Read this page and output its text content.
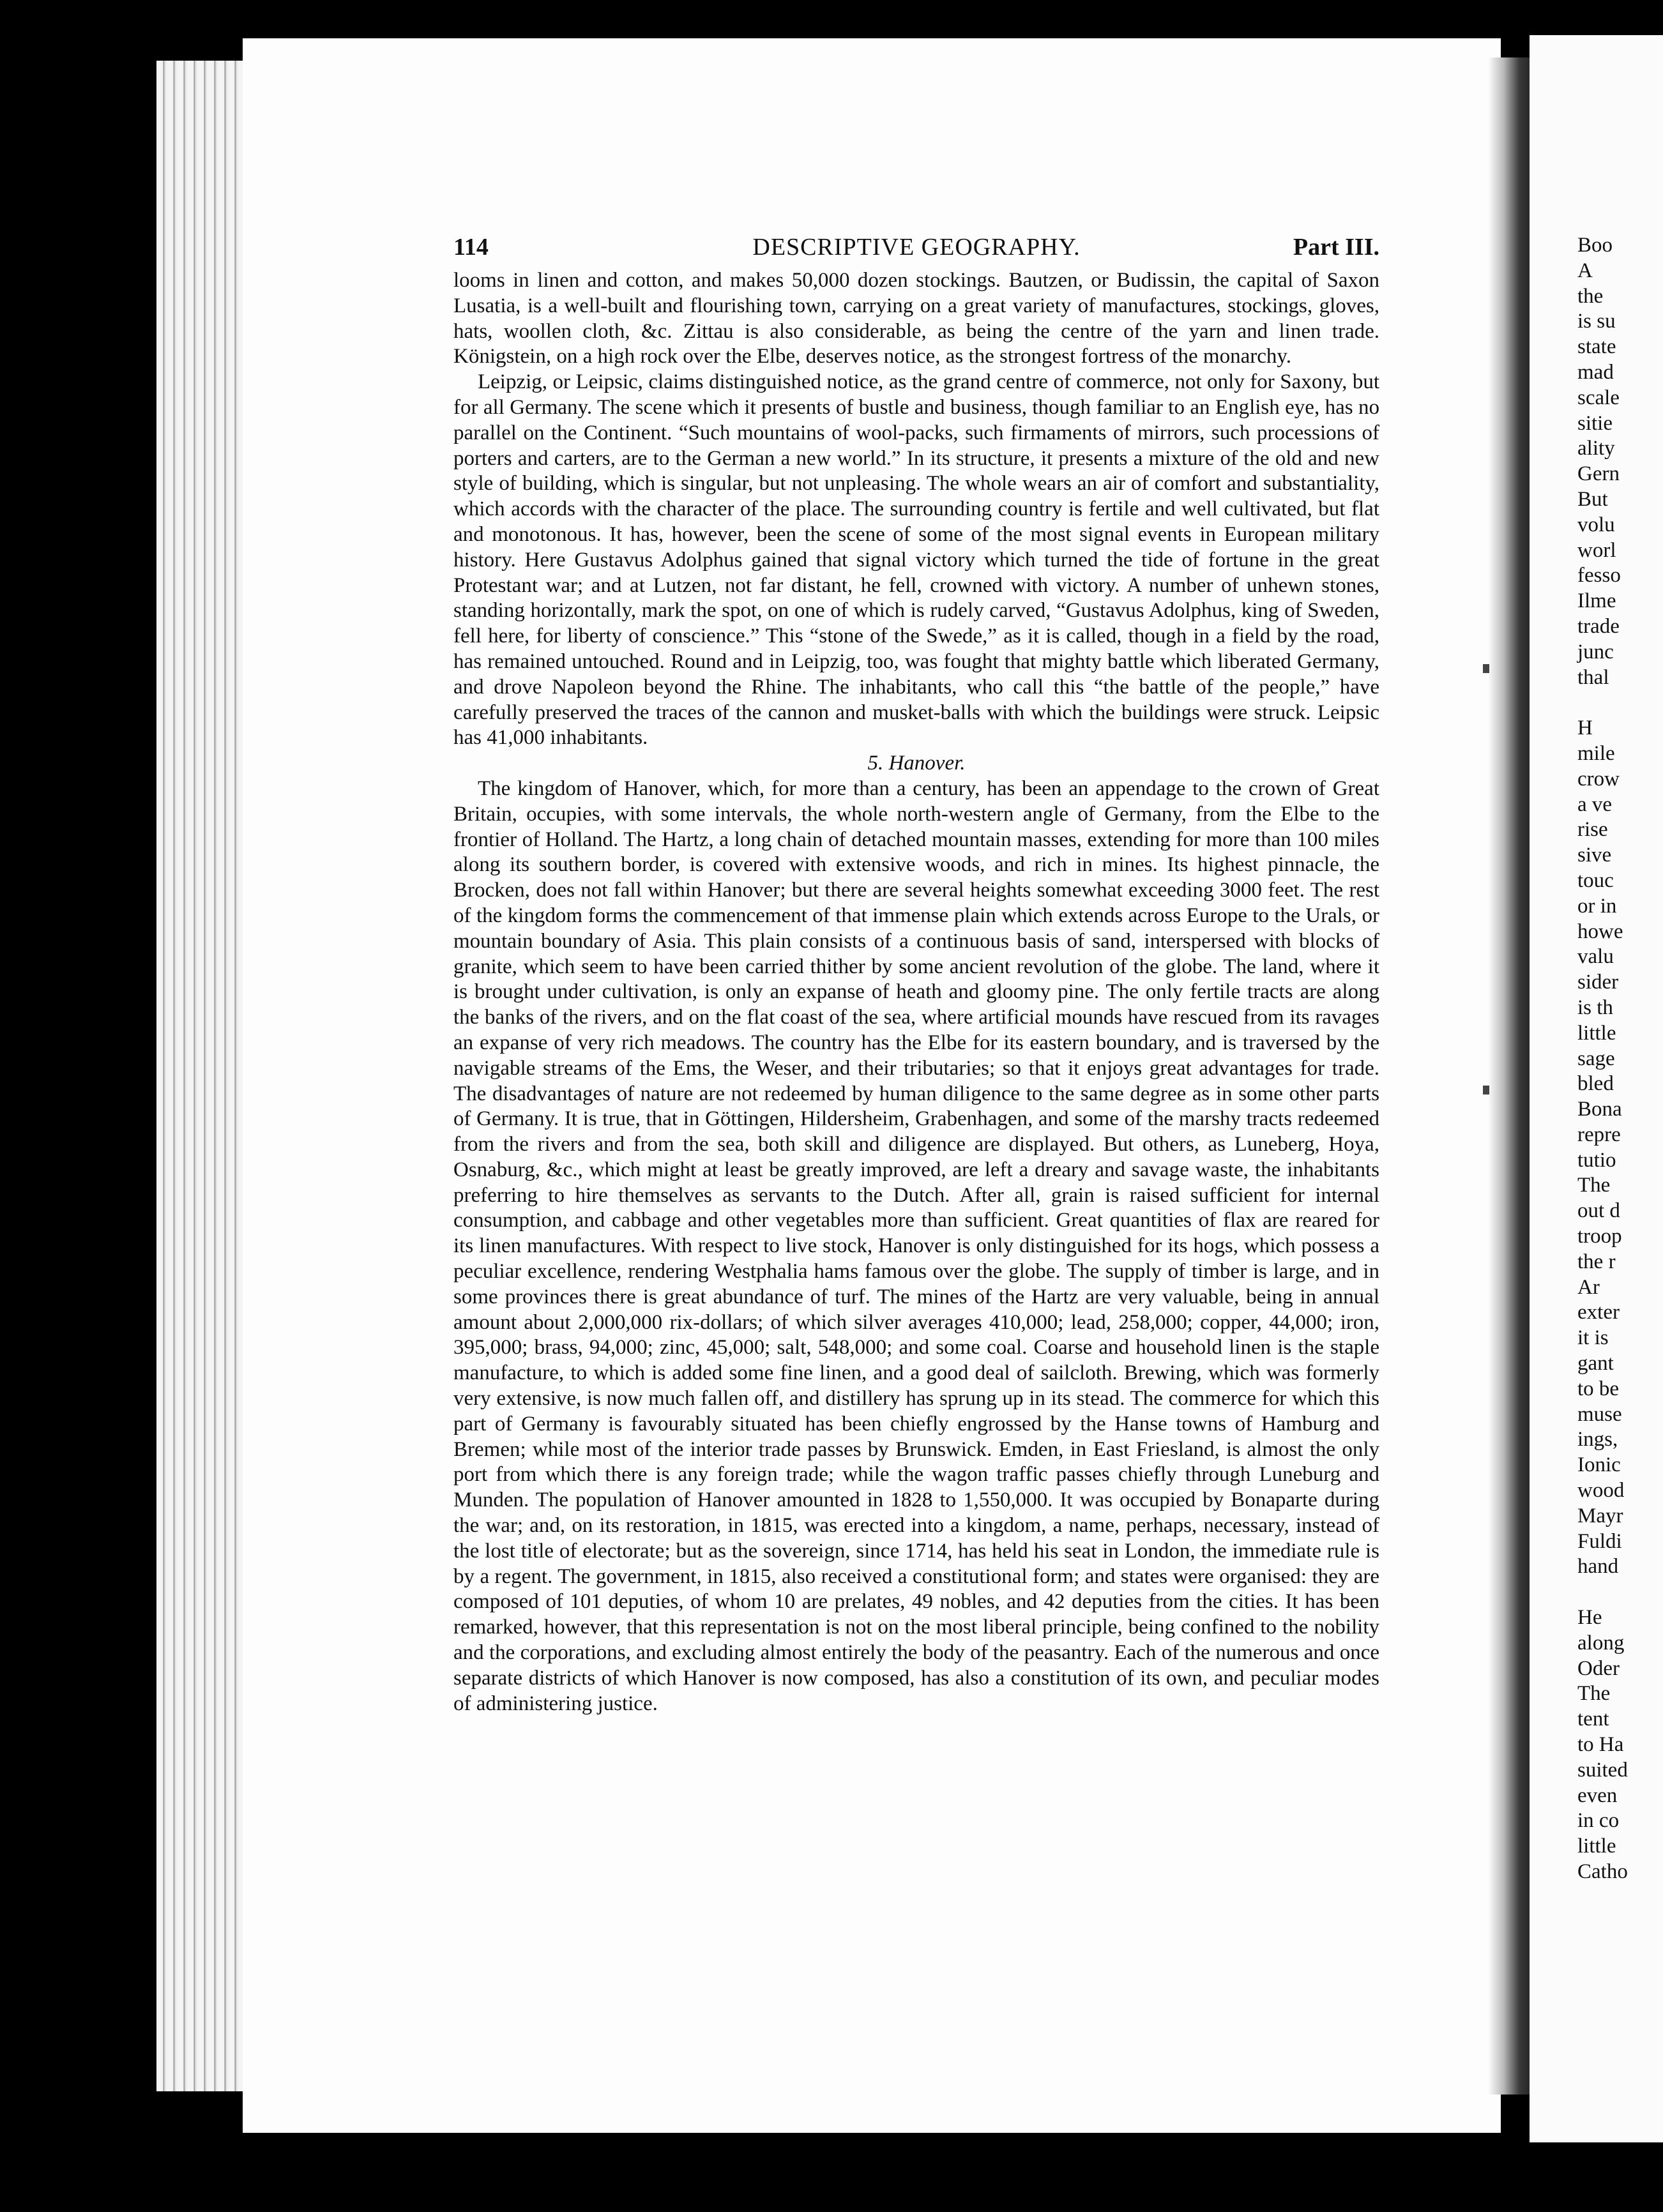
114	DESCRIPTIVE GEOGRAPHY.	Part III.

looms in linen and cotton, and makes 50,000 dozen stockings. Bautzen, or Budissin, the capital of Saxon Lusatia, is a well-built and flourishing town, carrying on a great variety of manufactures, stockings, gloves, hats, woollen cloth, &c. Zittau is also considerable, as being the centre of the yarn and linen trade. Königstein, on a high rock over the Elbe, deserves notice, as the strongest fortress of the monarchy.

Leipzig, or Leipsic, claims distinguished notice, as the grand centre of commerce, not only for Saxony, but for all Germany. The scene which it presents of bustle and business, though familiar to an English eye, has no parallel on the Continent. “Such mountains of wool-packs, such firmaments of mirrors, such processions of porters and carters, are to the German a new world.” In its structure, it presents a mixture of the old and new style of building, which is singular, but not unpleasing. The whole wears an air of comfort and substantiality, which accords with the character of the place. The surrounding country is fertile and well cultivated, but flat and monotonous. It has, however, been the scene of some of the most signal events in European military history. Here Gustavus Adolphus gained that signal victory which turned the tide of fortune in the great Protestant war; and at Lutzen, not far distant, he fell, crowned with victory. A number of unhewn stones, standing horizontally, mark the spot, on one of which is rudely carved, “Gustavus Adolphus, king of Sweden, fell here, for liberty of conscience.” This “stone of the Swede,” as it is called, though in a field by the road, has remained untouched. Round and in Leipzig, too, was fought that mighty battle which liberated Germany, and drove Napoleon beyond the Rhine. The inhabitants, who call this “the battle of the people,” have carefully preserved the traces of the cannon and musket-balls with which the buildings were struck. Leipsic has 41,000 inhabitants.

5. Hanover.

The kingdom of Hanover, which, for more than a century, has been an appendage to the crown of Great Britain, occupies, with some intervals, the whole north-western angle of Germany, from the Elbe to the frontier of Holland. The Hartz, a long chain of detached mountain masses, extending for more than 100 miles along its southern border, is covered with extensive woods, and rich in mines. Its highest pinnacle, the Brocken, does not fall within Hanover; but there are several heights somewhat exceeding 3000 feet. The rest of the kingdom forms the commencement of that immense plain which extends across Europe to the Urals, or mountain boundary of Asia. This plain consists of a continuous basis of sand, interspersed with blocks of granite, which seem to have been carried thither by some ancient revolution of the globe. The land, where it is brought under cultivation, is only an expanse of heath and gloomy pine. The only fertile tracts are along the banks of the rivers, and on the flat coast of the sea, where artificial mounds have rescued from its ravages an expanse of very rich meadows. The country has the Elbe for its eastern boundary, and is traversed by the navigable streams of the Ems, the Weser, and their tributaries; so that it enjoys great advantages for trade. The disadvantages of nature are not redeemed by human diligence to the same degree as in some other parts of Germany. It is true, that in Göttingen, Hildersheim, Grabenhagen, and some of the marshy tracts redeemed from the rivers and from the sea, both skill and diligence are displayed. But others, as Luneberg, Hoya, Osnaburg, &c., which might at least be greatly improved, are left a dreary and savage waste, the inhabitants preferring to hire themselves as servants to the Dutch. After all, grain is raised sufficient for internal consumption, and cabbage and other vegetables more than sufficient. Great quantities of flax are reared for its linen manufactures. With respect to live stock, Hanover is only distinguished for its hogs, which possess a peculiar excellence, rendering Westphalia hams famous over the globe. The supply of timber is large, and in some provinces there is great abundance of turf. The mines of the Hartz are very valuable, being in annual amount about 2,000,000 rix-dollars; of which silver averages 410,000; lead, 258,000; copper, 44,000; iron, 395,000; brass, 94,000; zinc, 45,000; salt, 548,000; and some coal. Coarse and household linen is the staple manufacture, to which is added some fine linen, and a good deal of sailcloth. Brewing, which was formerly very extensive, is now much fallen off, and distillery has sprung up in its stead. The commerce for which this part of Germany is favourably situated has been chiefly engrossed by the Hanse towns of Hamburg and Bremen; while most of the interior trade passes by Brunswick. Emden, in East Friesland, is almost the only port from which there is any foreign trade; while the wagon traffic passes chiefly through Luneburg and Munden. The population of Hanover amounted in 1828 to 1,550,000. It was occupied by Bonaparte during the war; and, on its restoration, in 1815, was erected into a kingdom, a name, perhaps, necessary, instead of the lost title of electorate; but as the sovereign, since 1714, has held his seat in London, the immediate rule is by a regent. The government, in 1815, also received a constitutional form; and states were organised: they are composed of 101 deputies, of whom 10 are prelates, 49 nobles, and 42 deputies from the cities. It has been remarked, however, that this representation is not on the most liberal principle, being confined to the nobility and the corporations, and excluding almost entirely the body of the peasantry. Each of the numerous and once separate districts of which Hanover is now composed, has also a constitution of its own, and peculiar modes of administering justice.

Boo
A
the
is su
state
mad
scale
sitie
ality
Gern
But
volu
worl
fesso
Ilme
trade
junc
thal
H
mile
crow
a ve
rise
sive
touc
or in
howe
valu
sider
is th
little
sage
bled
Bona
repre
tutio
The
out d
troop
the r
Ar
exter
it is
gant
to be
muse
ings,
Ionic
wood
Mayr
Fuldi
hand
He
along
Oder
The
tent
to Ha
suited
even
in co
little
Catho
